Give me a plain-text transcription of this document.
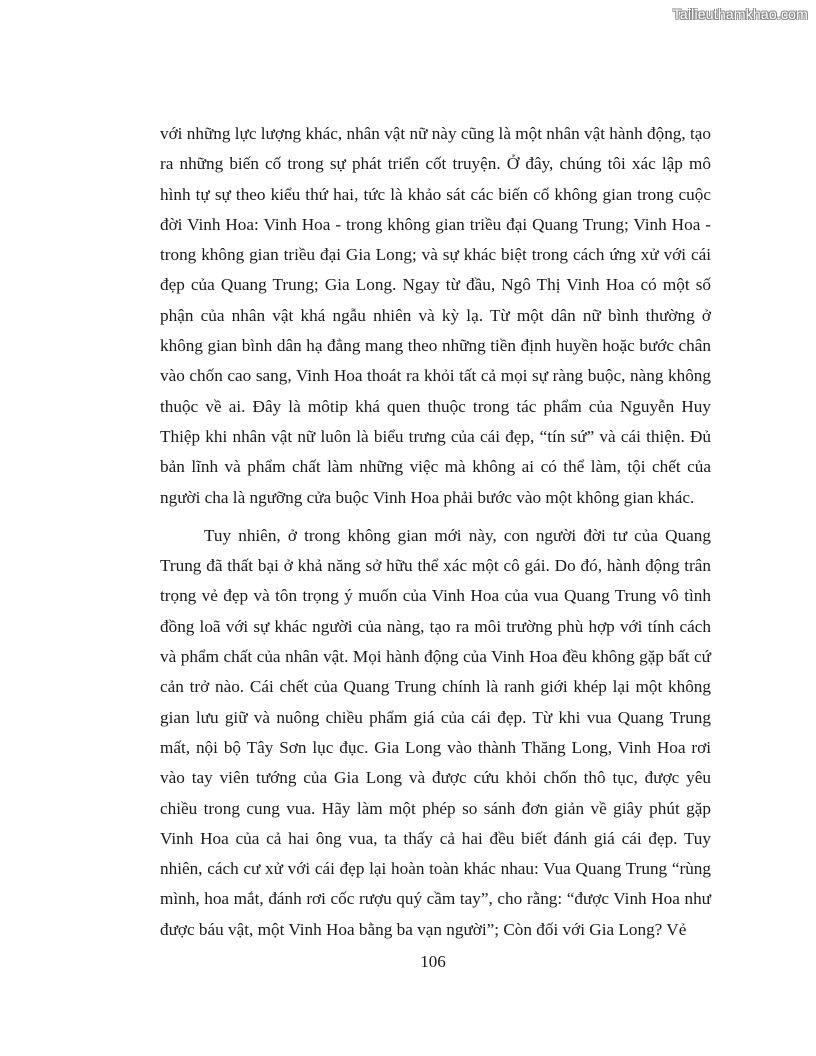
Tailieuthamkhao.com

với những lực lượng khác, nhân vật nữ này cũng là một nhân vật hành động, tạo ra những biến cố trong sự phát triển cốt truyện. Ở đây, chúng tôi xác lập mô hình tự sự theo kiểu thứ hai, tức là khảo sát các biến cố không gian trong cuộc đời Vinh Hoa: Vinh Hoa - trong không gian triều đại Quang Trung; Vinh Hoa - trong không gian triều đại Gia Long; và sự khác biệt trong cách ứng xử với cái đẹp của Quang Trung; Gia Long. Ngay từ đầu, Ngô Thị Vinh Hoa có một số phận của nhân vật khá ngẫu nhiên và kỳ lạ. Từ một dân nữ bình thường ở không gian bình dân hạ đẳng mang theo những tiền định huyền hoặc bước chân vào chốn cao sang, Vinh Hoa thoát ra khỏi tất cả mọi sự ràng buộc, nàng không thuộc về ai. Đây là môtip khá quen thuộc trong tác phẩm của Nguyễn Huy Thiệp khi nhân vật nữ luôn là biểu trưng của cái đẹp, “tín sứ” và cái thiện. Đủ bản lĩnh và phẩm chất làm những việc mà không ai có thể làm, tội chết của người cha là ngưỡng cửa buộc Vinh Hoa phải bước vào một không gian khác.

Tuy nhiên, ở trong không gian mới này, con người đời tư của Quang Trung đã thất bại ở khả năng sở hữu thể xác một cô gái. Do đó, hành động trân trọng vẻ đẹp và tôn trọng ý muốn của Vinh Hoa của vua Quang Trung vô tình đồng loã với sự khác người của nàng, tạo ra môi trường phù hợp với tính cách và phẩm chất của nhân vật. Mọi hành động của Vinh Hoa đều không gặp bất cứ cản trở nào. Cái chết của Quang Trung chính là ranh giới khép lại một không gian lưu giữ và nuông chiều phẩm giá của cái đẹp. Từ khi vua Quang Trung mất, nội bộ Tây Sơn lục đục. Gia Long vào thành Thăng Long, Vinh Hoa rơi vào tay viên tướng của Gia Long và được cứu khỏi chốn thô tục, được yêu chiều trong cung vua. Hãy làm một phép so sánh đơn giản về giây phút gặp Vinh Hoa của cả hai ông vua, ta thấy cả hai đều biết đánh giá cái đẹp. Tuy nhiên, cách cư xử với cái đẹp lại hoàn toàn khác nhau: Vua Quang Trung “rùng mình, hoa mắt, đánh rơi cốc rượu quý cầm tay”, cho rằng: “được Vinh Hoa như được báu vật, một Vinh Hoa bằng ba vạn người”; Còn đối với Gia Long? Vẻ

106
